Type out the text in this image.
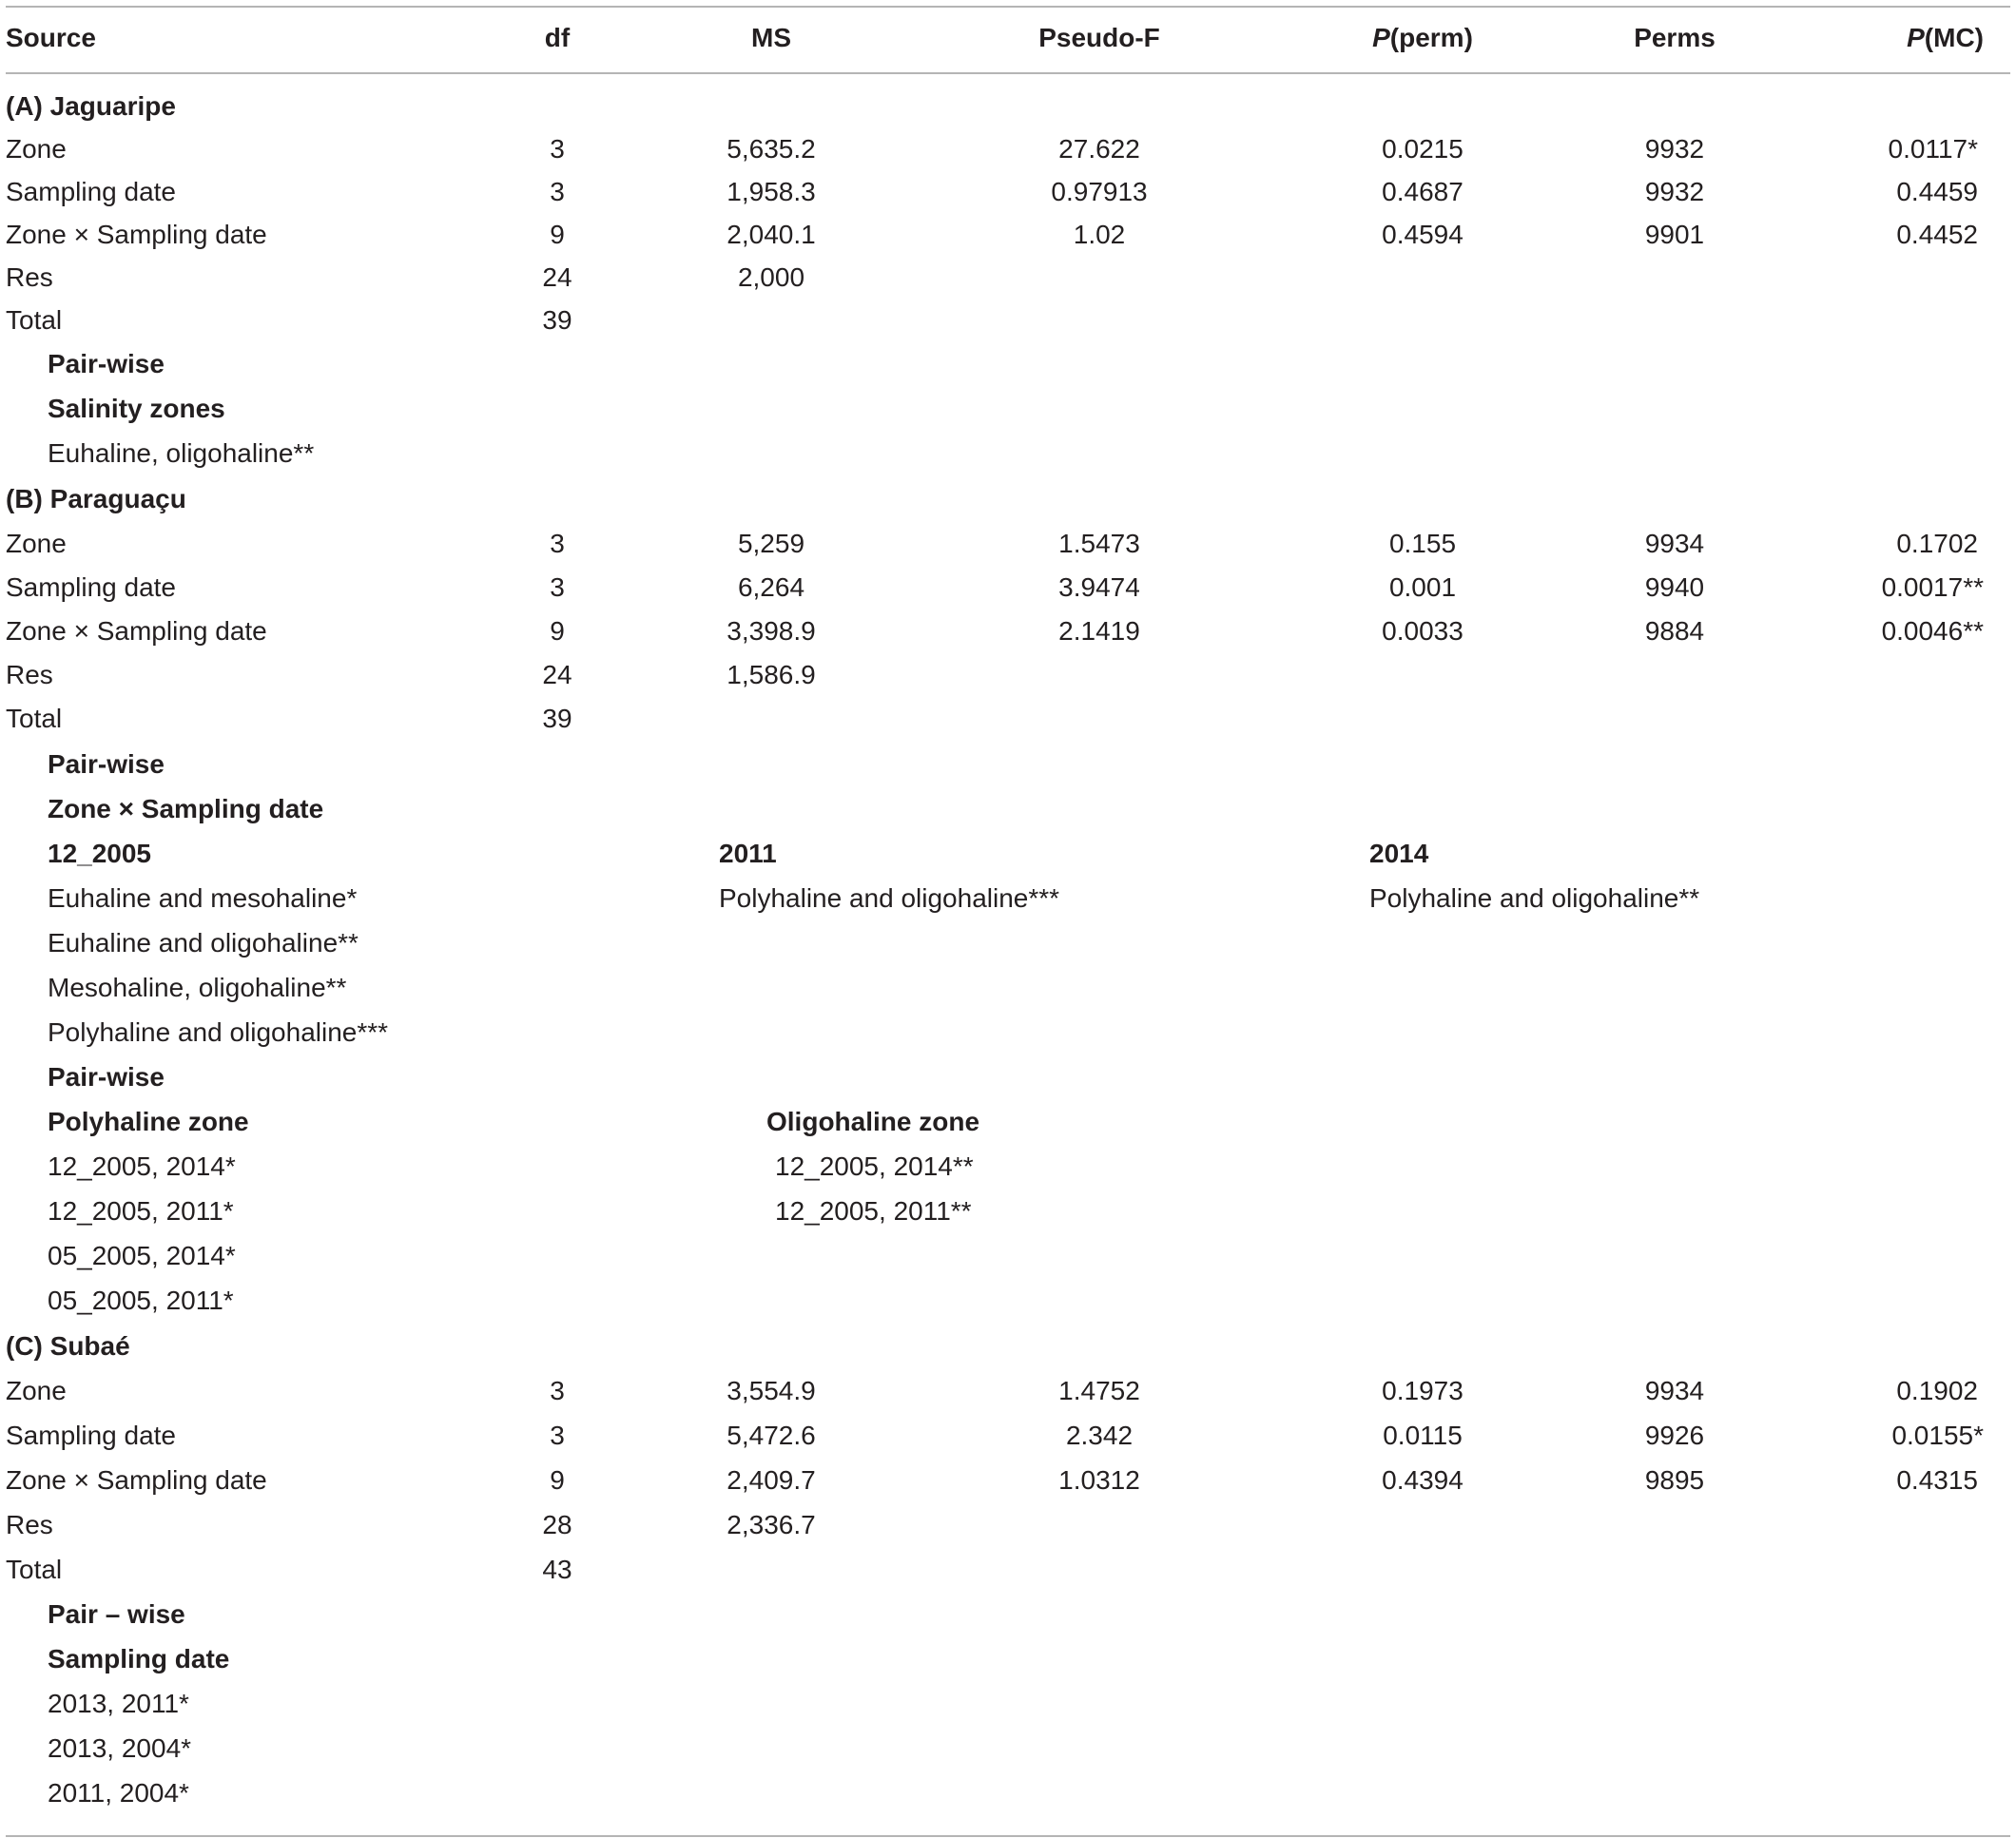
Source	df	MS	Pseudo-F	P(perm)	Perms	P(MC)
(A) Jaguaripe
Zone	3	5,635.2	27.622	0.0215	9932	0.0117*
Sampling date	3	1,958.3	0.97913	0.4687	9932	0.4459
Zone × Sampling date	9	2,040.1	1.02	0.4594	9901	0.4452
Res	24	2,000
Total	39
Pair-wise
Salinity zones
Euhaline, oligohaline**
(B) Paraguaçu
Zone	3	5,259	1.5473	0.155	9934	0.1702
Sampling date	3	6,264	3.9474	0.001	9940	0.0017**
Zone × Sampling date	9	3,398.9	2.1419	0.0033	9884	0.0046**
Res	24	1,586.9
Total	39
Pair-wise
Zone × Sampling date
12_2005	2011	2014
Euhaline and mesohaline*	Polyhaline and oligohaline***	Polyhaline and oligohaline**
Euhaline and oligohaline**
Mesohaline, oligohaline**
Polyhaline and oligohaline***
Pair-wise
Polyhaline zone	Oligohaline zone
12_2005, 2014*	12_2005, 2014**
12_2005, 2011*	12_2005, 2011**
05_2005, 2014*
05_2005, 2011*
(C) Subaé
Zone	3	3,554.9	1.4752	0.1973	9934	0.1902
Sampling date	3	5,472.6	2.342	0.0115	9926	0.0155*
Zone × Sampling date	9	2,409.7	1.0312	0.4394	9895	0.4315
Res	28	2,336.7
Total	43
Pair – wise
Sampling date
2013, 2011*
2013, 2004*
2011, 2004*
